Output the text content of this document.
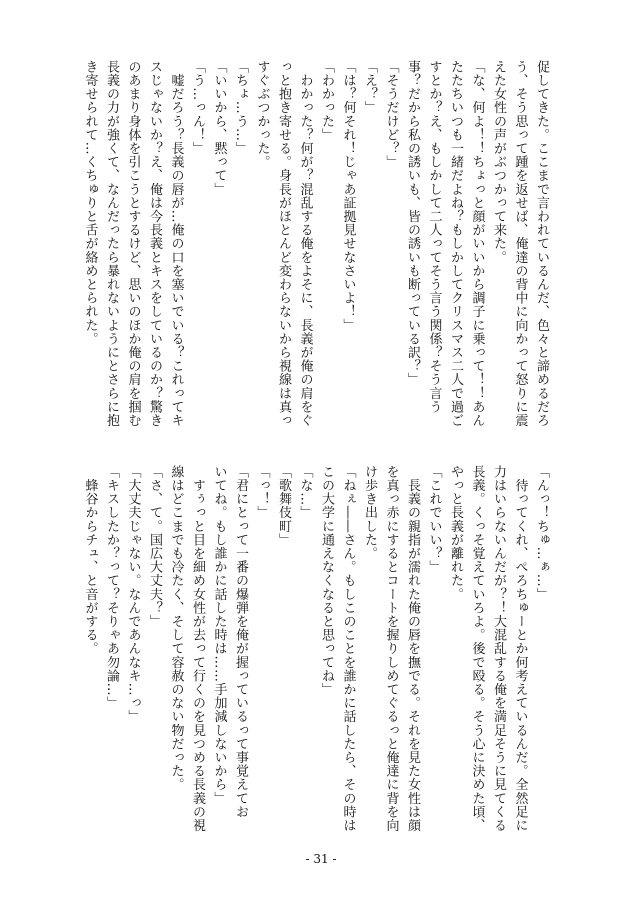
促してきた。ここまで言われているんだ、色々と諦めるだろ
う、そう思って踵を返せば、俺達の背中に向かって怒りに震
えた女性の声がぶつかって来た。
「な、何よ！！ちょっと顔がいいから調子に乗って！！あん
たたちいつも一緒だよね？もしかしてクリスマス二人で過ご
すとか？え、もしかして二人ってそう言う関係？そう言う
事？だから私の誘いも、皆の誘いも断っている訳？」
「そうだけど？」
「え？」
「は？何それ！じゃあ証拠見せなさいよ！」
「わかった」
　わかった？何が？混乱する俺をよそに、長義が俺の肩をぐ
っと抱き寄せる。身長がほとんど変わらないから視線は真っ
すぐぶつかった。
「ちょ…う…」
「いいから、黙って」
「う…っん！」
　嘘だろう？長義の唇が…俺の口を塞いでいる？これってキ
スじゃないか？え、俺は今長義とキスをしているのか？驚き
のあまり身体を引こうとするけど、思いのほか俺の肩を掴む
長義の力が強くて、なんだったら暴れないようにとさらに抱
き寄せられて…くちゅりと舌が絡めとられた。
「んっ！ちゅ…ぁ…」
　待ってくれ、ぺろちゅーとか何考えているんだ。全然足に
力はいらないんだが？！大混乱する俺を満足そうに見てくる
長義。くっそ覚えていろよ。後で殴る。そう心に決めた頃、
やっと長義が離れた。
「これでいい？」
　長義の親指が濡れた俺の唇を撫でる。それを見た女性は顔
を真っ赤にするとコートを握りしめてぐるっと俺達に背を向
け歩き出した。
「ねぇ――さん。もしこのことを誰かに話したら、その時は
この大学に通えなくなると思ってね」
「な…」
「歌舞伎町」
「っ！」
「君にとって一番の爆弾を俺が握っているって事覚えてお
いてね。もし誰かに話した時は……手加減しないから」
　すぅっと目を細め女性が去って行くのを見つめる長義の視
線はどこまでも冷たく、そして容赦のない物だった。
「さ、て。国広大丈夫？」
「大丈夫じゃない。なんであんなキ…っ」
「キスしたか？って？そりゃあ勿論…」
　蜂谷からチュ、と音がする。
- 31 -
